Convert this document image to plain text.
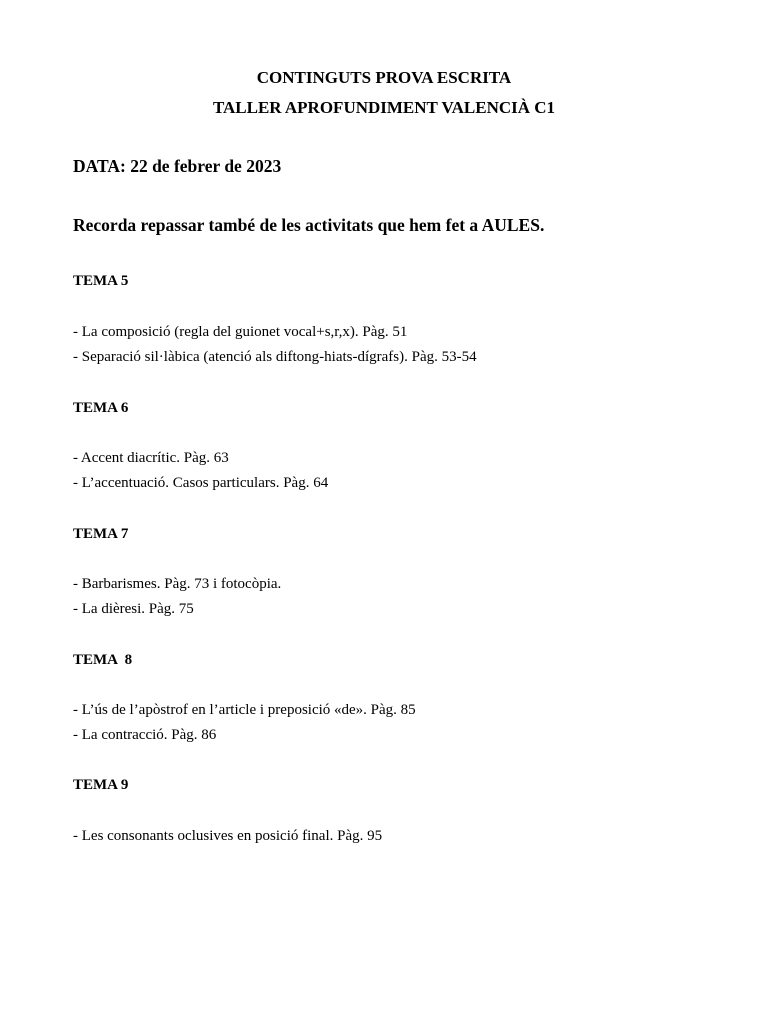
CONTINGUTS PROVA ESCRITA
TALLER APROFUNDIMENT VALENCIÀ C1
DATA: 22 de febrer de 2023
Recorda repassar també de les activitats que hem fet a AULES.
TEMA 5
- La composició (regla del guionet vocal+s,r,x). Pàg. 51
- Separació sil·làbica (atenció als diftong-hiats-dígrafs). Pàg. 53-54
TEMA 6
- Accent diacrític. Pàg. 63
- L’accentuació. Casos particulars. Pàg. 64
TEMA 7
- Barbarismes. Pàg. 73 i fotocòpia.
- La dièresi. Pàg. 75
TEMA  8
- L’ús de l’apòstrof en l’article i preposició «de». Pàg. 85
- La contracció. Pàg. 86
TEMA 9
- Les consonants oclusives en posició final. Pàg. 95
